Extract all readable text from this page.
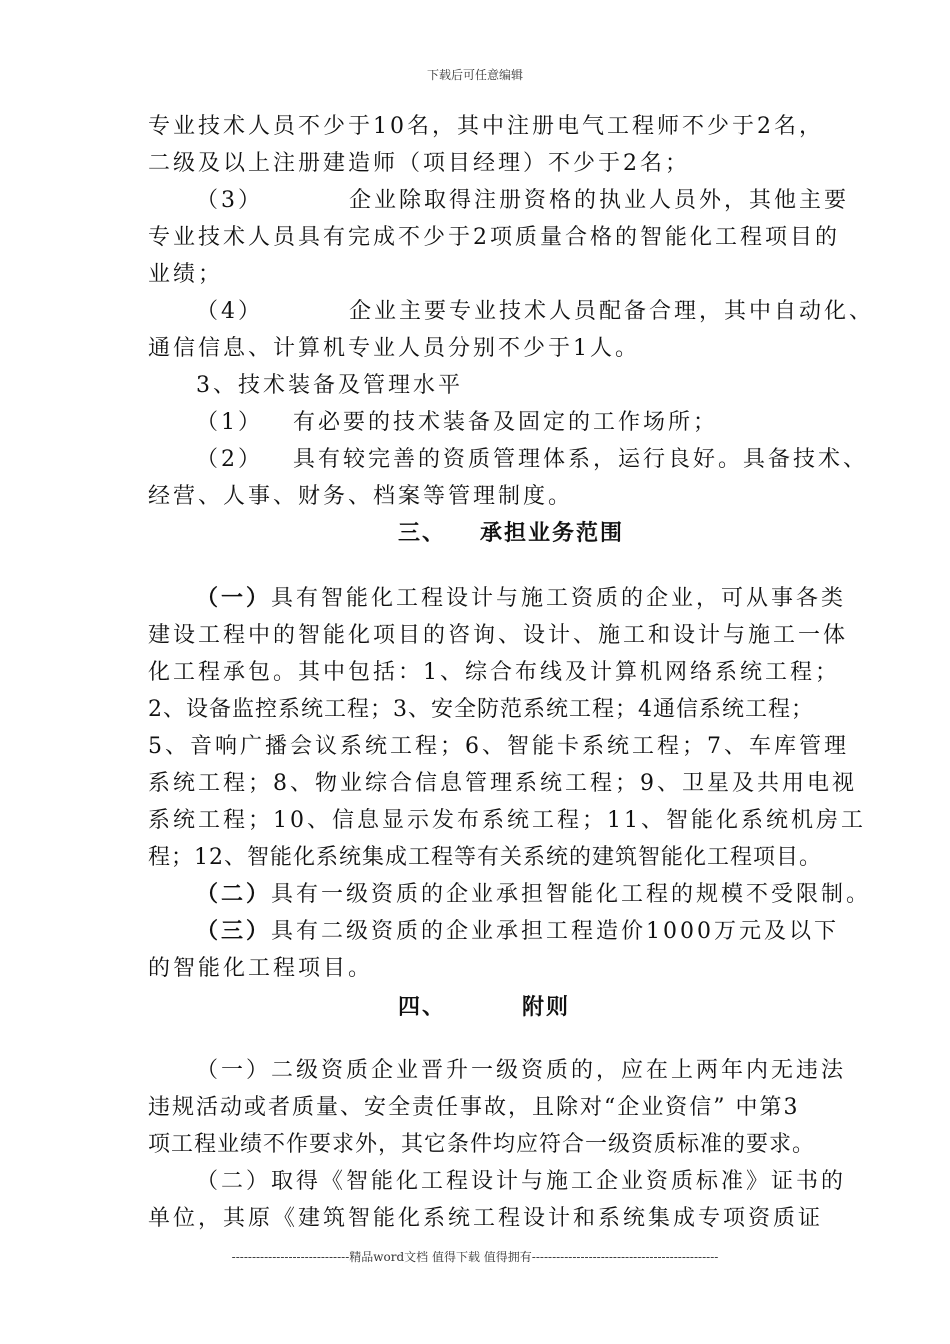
下载后可任意编辑
专业技术人员不少于10名，其中注册电气工程师不少于2名，
二级及以上注册建造师（项目经理）不少于2名；
（3）	企业除取得注册资格的执业人员外，其他主要
专业技术人员具有完成不少于2项质量合格的智能化工程项目的
业绩；
（4）	企业主要专业技术人员配备合理，其中自动化、
通信信息、计算机专业人员分别不少于1人。
3、技术装备及管理水平
（1） 有必要的技术装备及固定的工作场所；
（2） 具有较完善的资质管理体系，运行良好。具备技术、
经营、人事、财务、档案等管理制度。
三、 承担业务范围
（一）具有智能化工程设计与施工资质的企业，可从事各类
建设工程中的智能化项目的咨询、设计、施工和设计与施工一体
化工程承包。其中包括：1、综合布线及计算机网络系统工程；
2、设备监控系统工程；3、安全防范系统工程；4通信系统工程；
5、音响广播会议系统工程；6、智能卡系统工程；7、车库管理
系统工程；8、物业综合信息管理系统工程；9、卫星及共用电视
系统工程；10、信息显示发布系统工程；11、智能化系统机房工
程；12、智能化系统集成工程等有关系统的建筑智能化工程项目。
（二）具有一级资质的企业承担智能化工程的规模不受限制。
（三）具有二级资质的企业承担工程造价1000万元及以下
的智能化工程项目。
四、	附则
（一）二级资质企业晋升一级资质的，应在上两年内无违法
违规活动或者质量、安全责任事故，且除对“企业资信” 中第3
项工程业绩不作要求外，其它条件均应符合一级资质标准的要求。
（二）取得《智能化工程设计与施工企业资质标准》证书的
单位，其原《建筑智能化系统工程设计和系统集成专项资质证
-----------------------------精品word文档 值得下载 值得拥有----------------------------------------------
